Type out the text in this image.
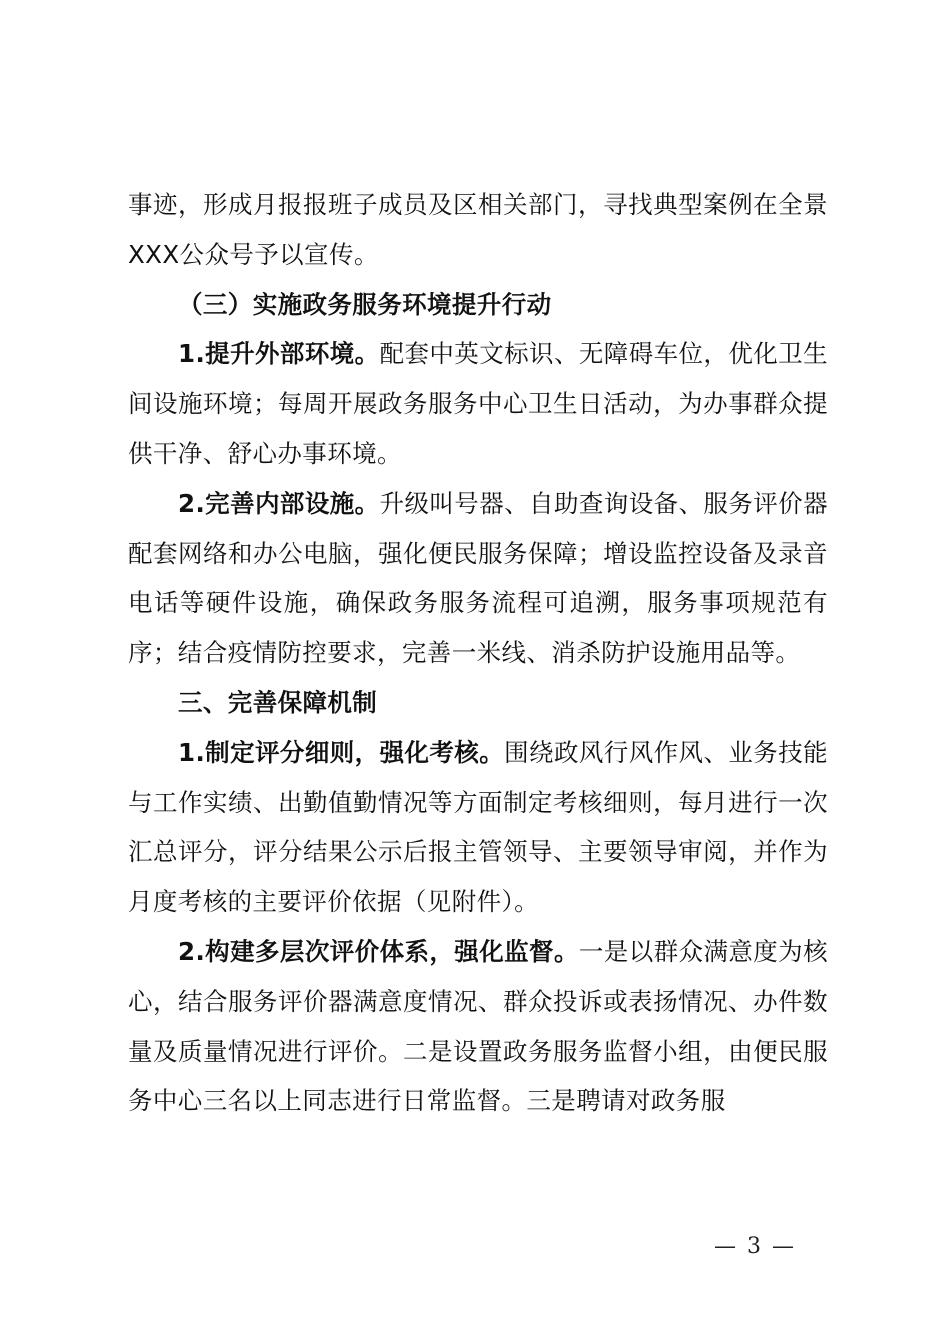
事迹，形成月报报班子成员及区相关部门，寻找典型案例在全景XXX公众号予以宣传。

（三）实施政务服务环境提升行动

1.提升外部环境。配套中英文标识、无障碍车位，优化卫生间设施环境；每周开展政务服务中心卫生日活动，为办事群众提供干净、舒心办事环境。

2.完善内部设施。升级叫号器、自助查询设备、服务评价器配套网络和办公电脑，强化便民服务保障；增设监控设备及录音电话等硬件设施，确保政务服务流程可追溯，服务事项规范有序；结合疫情防控要求，完善一米线、消杀防护设施用品等。

三、完善保障机制

1.制定评分细则，强化考核。围绕政风行风作风、业务技能与工作实绩、出勤值勤情况等方面制定考核细则，每月进行一次汇总评分，评分结果公示后报主管领导、主要领导审阅，并作为月度考核的主要评价依据（见附件）。

2.构建多层次评价体系，强化监督。一是以群众满意度为核心，结合服务评价器满意度情况、群众投诉或表扬情况、办件数量及质量情况进行评价。二是设置政务服务监督小组，由便民服务中心三名以上同志进行日常监督。三是聘请对政务服

— 3 —
